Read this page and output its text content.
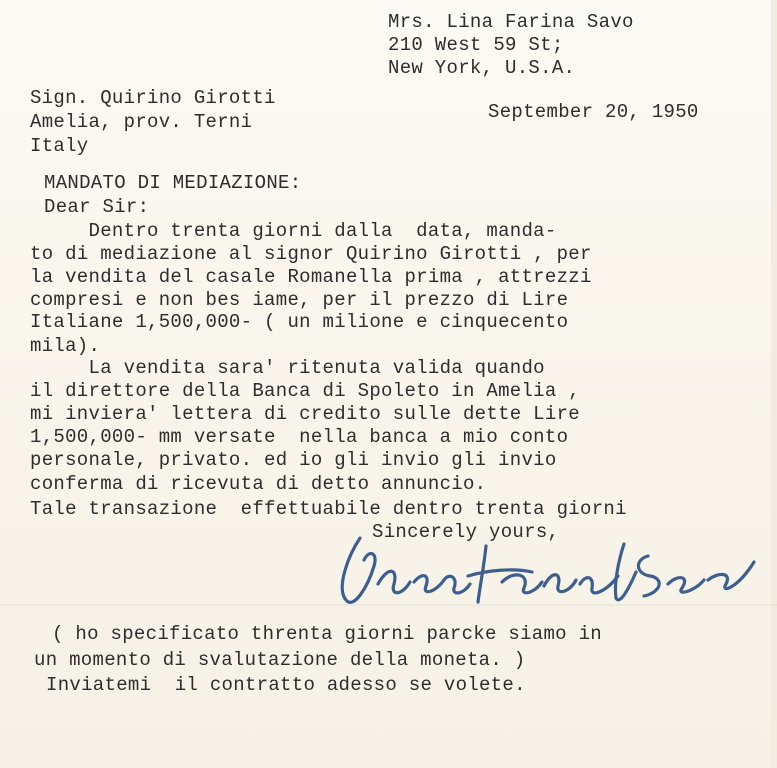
Mrs. Lina Farina Savo
210 West 59 St;
New York, U.S.A.
Sign. Quirino Girotti
Amelia, prov. Terni
Italy
September 20, 1950
MANDATO DI MEDIAZIONE:
Dear Sir:
Dentro trenta giorni dalla  data, manda-
to di mediazione al signor Quirino Girotti , per
la vendita del casale Romanella prima , attrezzi
compresi e non bes iame, per il prezzo di Lire
Italiane 1,500,000- ( un milione e cinquecento
mila).
La vendita sara' ritenuta valida quando
il direttore della Banca di Spoleto in Amelia ,
mi inviera' lettera di credito sulle dette Lire
1,500,000- mm versate  nella banca a mio conto
personale, privato. ed io gli invio gli invio
conferma di ricevuta di detto annuncio.
Tale transazione  effettuabile dentro trenta giorni
Sincerely yours,
( ho specificato threnta giorni parcke siamo in
un momento di svalutazione della moneta. )
Inviatemi  il contratto adesso se volete.
